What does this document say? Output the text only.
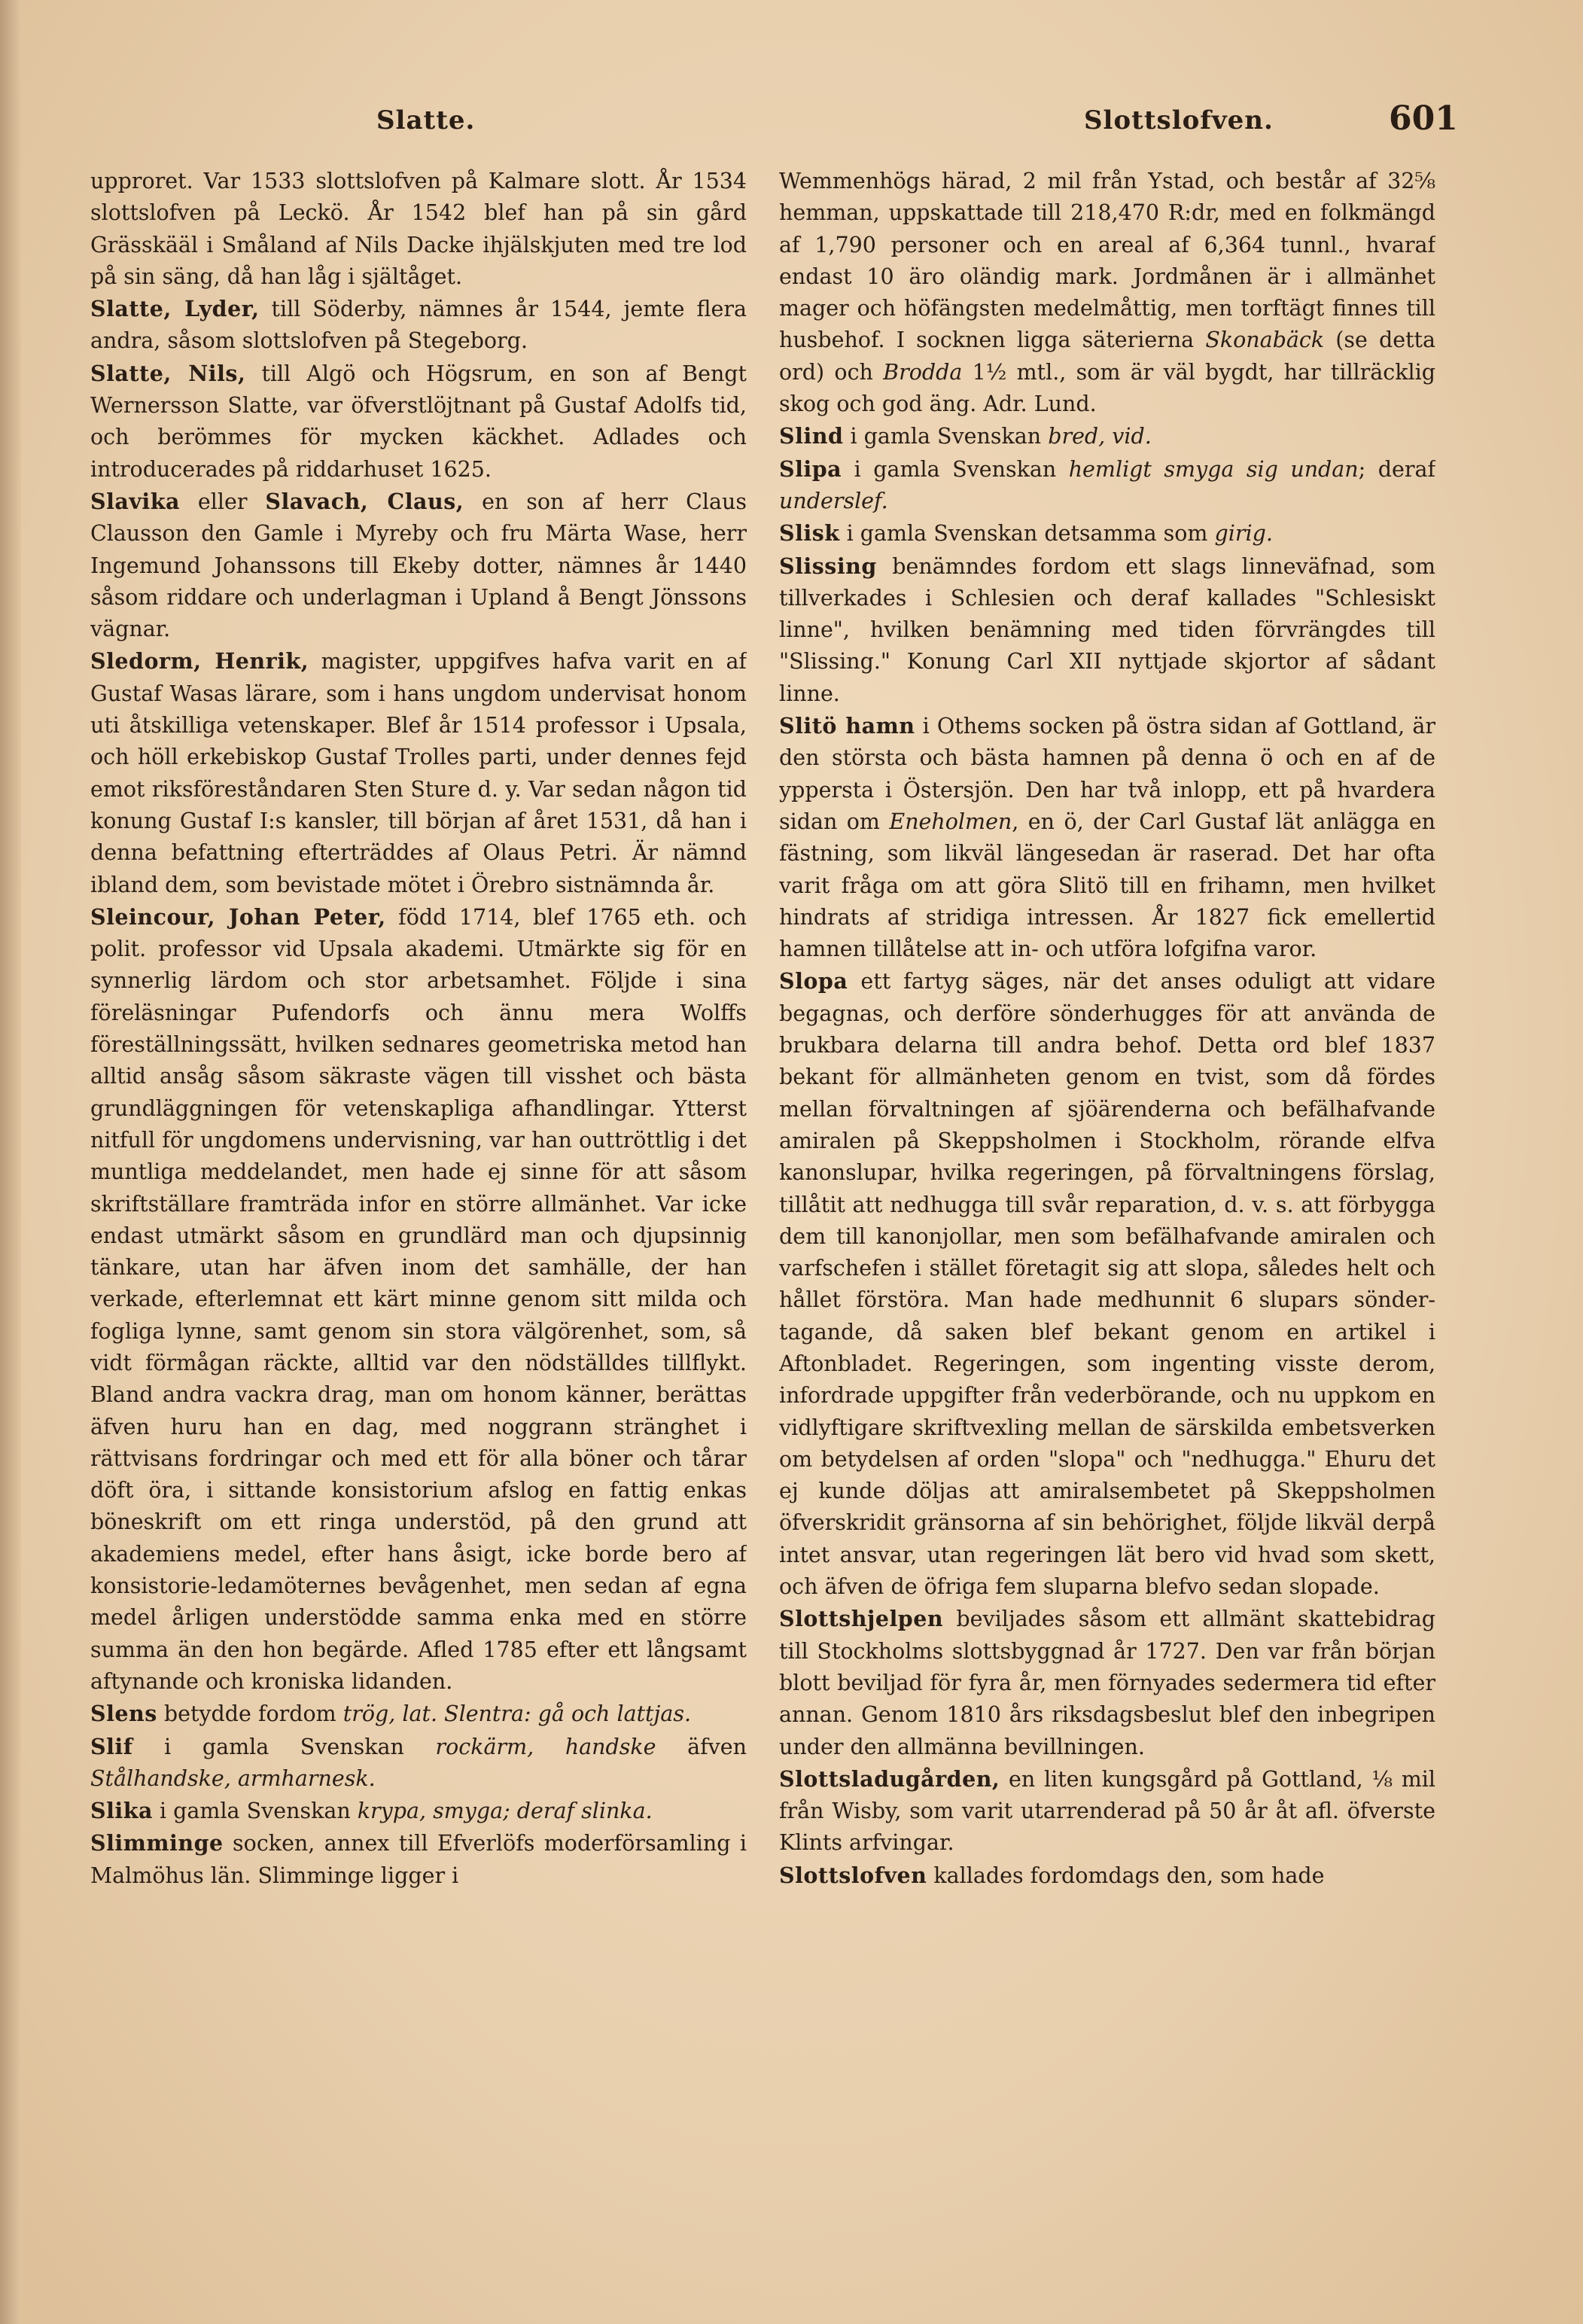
Slatte.	Slottslofven.	601

upproret. Var 1533 slottslofven på Kalmare slott. År 1534 slottslofven på Leckö. År 1542 blef han på sin gård Grässkääl i Småland af Nils Dacke ihjälskjuten med tre lod på sin säng, då han låg i själtåget.

Slatte, Lyder, till Söderby, nämnes år 1544, jemte flera andra, såsom slottslofven på Stegeborg.

Slatte, Nils, till Algö och Högsrum, en son af Bengt Wernersson Slatte, var öfverstlöjtnant på Gustaf Adolfs tid, och berömmes för mycken käckhet. Adlades och introducerades på riddarhuset 1625.

Slavika eller Slavach, Claus, en son af herr Claus Clausson den Gamle i Myreby och fru Märta Wase, herr Ingemund Johanssons till Ekeby dotter, nämnes år 1440 såsom riddare och underlagman i Upland å Bengt Jönssons vägnar.

Sledorm, Henrik, magister, uppgifves hafva varit en af Gustaf Wasas lärare, som i hans ungdom undervisat honom uti åtskilliga vetenskaper. Blef år 1514 professor i Upsala, och höll erkebiskop Gustaf Trolles parti, under dennes fejd emot riksföreståndaren Sten Sture d. y. Var sedan någon tid konung Gustaf I:s kansler, till början af året 1531, då han i denna befattning efterträddes af Olaus Petri. Är nämnd ibland dem, som bevistade mötet i Örebro sistnämnda år.

Sleincour, Johan Peter, född 1714, blef 1765 eth. och polit. professor vid Upsala akademi. Utmärkte sig för en synnerlig lärdom och stor arbetsamhet. Följde i sina föreläsningar Pufendorfs och ännu mera Wolffs föreställningssätt, hvilken sednares geometriska metod han alltid ansåg såsom säkraste vägen till visshet och bästa grundläggningen för vetenskapliga afhandlingar. Ytterst nitfull för ungdomens undervisning, var han outtröttlig i det muntliga meddelandet, men hade ej sinne för att såsom skriftställare framträda infor en större allmänhet. Var icke endast utmärkt såsom en grundlärd man och djupsinnig tänkare, utan har äfven inom det samhälle, der han verkade, efterlemnat ett kärt minne genom sitt milda och fogliga lynne, samt genom sin stora välgörenhet, som, så vidt förmågan räckte, alltid var den nödställdes tillflykt. Bland andra vackra drag, man om honom känner, berättas äfven huru han en dag, med noggrann stränghet i rättvisans fordringar och med ett för alla böner och tårar döft öra, i sittande konsistorium afslog en fattig enkas böneskrift om ett ringa understöd, på den grund att akademiens medel, efter hans åsigt, icke borde bero af konsistorie-ledamöternes bevågenhet, men sedan af egna medel årligen understödde samma enka med en större summa än den hon begärde. Afled 1785 efter ett långsamt aftynande och kroniska lidanden.

Slens betydde fordom trög, lat. Slentra: gå och lattjas.

Slif i gamla Svenskan rockärm, handske äfven Stålhandske, armharnesk.

Slika i gamla Svenskan krypa, smyga; deraf slinka.

Slimminge socken, annex till Efverlöfs moderförsamling i Malmöhus län. Slimminge ligger i

Wemmenhögs härad, 2 mil från Ystad, och består af 32⅝ hemman, uppskattade till 218,470 R:dr, med en folkmängd af 1,790 personer och en areal af 6,364 tunnl., hvaraf endast 10 äro oländig mark. Jordmånen är i allmänhet mager och höfängsten medelmåttig, men torftägt finnes till husbehof. I socknen ligga säterierna Skonabäck (se detta ord) och Brodda 1½ mtl., som är väl bygdt, har tillräcklig skog och god äng. Adr. Lund.

Slind i gamla Svenskan bred, vid.

Slipa i gamla Svenskan hemligt smyga sig undan; deraf underslef.

Slisk i gamla Svenskan detsamma som girig.

Slissing benämndes fordom ett slags linneväfnad, som tillverkades i Schlesien och deraf kallades "Schlesiskt linne", hvilken benämning med tiden förvrängdes till "Slissing." Konung Carl XII nyttjade skjortor af sådant linne.

Slitö hamn i Othems socken på östra sidan af Gottland, är den största och bästa hamnen på denna ö och en af de yppersta i Östersjön. Den har två inlopp, ett på hvardera sidan om Eneholmen, en ö, der Carl Gustaf lät anlägga en fästning, som likväl längesedan är raserad. Det har ofta varit fråga om att göra Slitö till en frihamn, men hvilket hindrats af stridiga intressen. År 1827 fick emellertid hamnen tillåtelse att in- och utföra lofgifna varor.

Slopa ett fartyg säges, när det anses oduligt att vidare begagnas, och derföre sönderhugges för att använda de brukbara delarna till andra behof. Detta ord blef 1837 bekant för allmänheten genom en tvist, som då fördes mellan förvaltningen af sjöärenderna och befälhafvande amiralen på Skeppsholmen i Stockholm, rörande elfva kanonslupar, hvilka regeringen, på förvaltningens förslag, tillåtit att nedhugga till svår reparation, d. v. s. att förbygga dem till kanonjollar, men som befälhafvande amiralen och varfschefen i stället företagit sig att slopa, således helt och hållet förstöra. Man hade medhunnit 6 slupars sönder-tagande, då saken blef bekant genom en artikel i Aftonbladet. Regeringen, som ingenting visste derom, infordrade uppgifter från vederbörande, och nu uppkom en vidlyftigare skriftvexling mellan de särskilda embetsverken om betydelsen af orden "slopa" och "nedhugga." Ehuru det ej kunde döljas att amiralsembetet på Skeppsholmen öfverskridit gränsorna af sin behörighet, följde likväl derpå intet ansvar, utan regeringen lät bero vid hvad som skett, och äfven de öfriga fem sluparna blefvo sedan slopade.

Slottshjelpen beviljades såsom ett allmänt skattebidrag till Stockholms slottsbyggnad år 1727. Den var från början blott beviljad för fyra år, men förnyades sedermera tid efter annan. Genom 1810 års riksdagsbeslut blef den inbegripen under den allmänna bevillningen.

Slottsladugården, en liten kungsgård på Gottland, ⅛ mil från Wisby, som varit utarrenderad på 50 år åt afl. öfverste Klints arfvingar.

Slottslofven kallades fordomdags den, som hade
